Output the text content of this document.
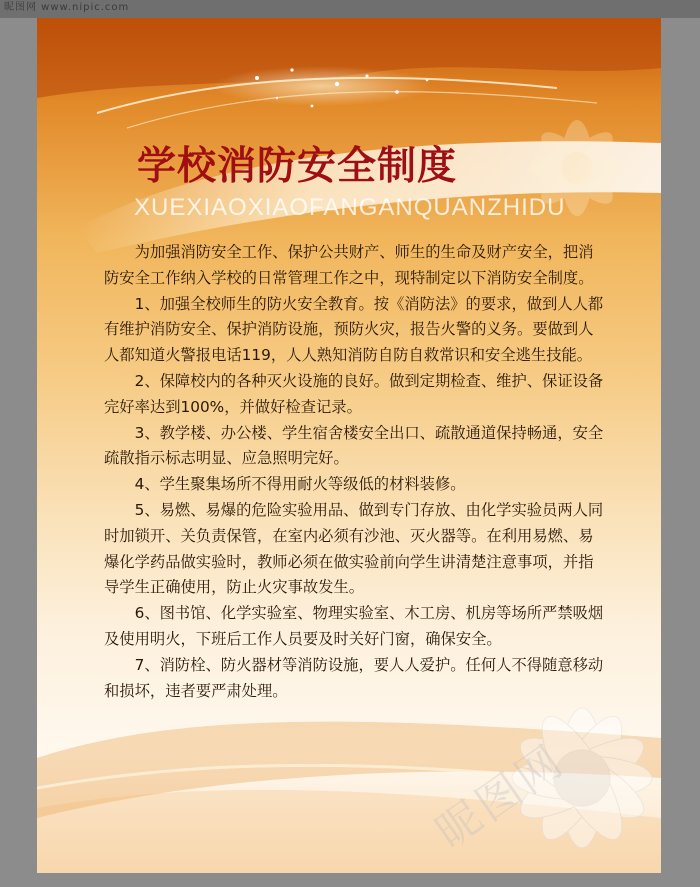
昵图网 www.nipic.com
学校消防安全制度
XUEXIAOXIAOFANGANQUANZHIDU

为加强消防安全工作、保护公共财产、师生的生命及财产安全，把消防安全工作纳入学校的日常管理工作之中，现特制定以下消防安全制度。

1、加强全校师生的防火安全教育。按《消防法》的要求，做到人人都有维护消防安全、保护消防设施，预防火灾，报告火警的义务。要做到人人都知道火警报电话119，人人熟知消防自防自救常识和安全逃生技能。

2、保障校内的各种灭火设施的良好。做到定期检查、维护、保证设备完好率达到100%，并做好检查记录。

3、教学楼、办公楼、学生宿舍楼安全出口、疏散通道保持畅通，安全疏散指示标志明显、应急照明完好。

4、学生聚集场所不得用耐火等级低的材料装修。

5、易燃、易爆的危险实验用品、做到专门存放、由化学实验员两人同时加锁开、关负责保管，在室内必须有沙池、灭火器等。在利用易燃、易爆化学药品做实验时，教师必须在做实验前向学生讲清楚注意事项，并指导学生正确使用，防止火灾事故发生。

6、图书馆、化学实验室、物理实验室、木工房、机房等场所严禁吸烟及使用明火，下班后工作人员要及时关好门窗，确保安全。

7、消防栓、防火器材等消防设施，要人人爱护。任何人不得随意移动和损坏，违者要严肃处理。

昵图网
